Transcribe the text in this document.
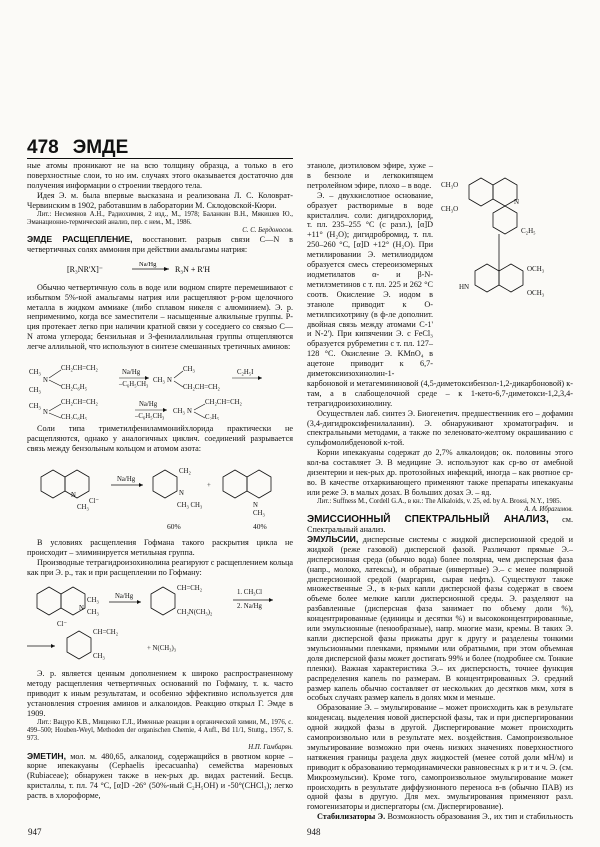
478 ЭМДЕ

ные атомы проникают не на всю толщину образца, а только в его поверхностные слои, то но им. случаях этого оказывается достаточно для получения информации о строении твердого тела.

Идея Э. м. была впервые высказана и реализована Л. С. Коловрат-Червинским в 1902, работавшим в лаборатории М. Склодовской-Кюри.

Лит.: Несмеянов А.Н., Радиохимия, 2 изд., М., 1978; Баланкин В.Н., Мякишев Ю., Эманационно-термический анализ, пер. с нем., М., 1986.

С. С. Бердоносов.

ЭМДЕ РАСЩЕПЛЕНИЕ, восстановит. разрыв связи C—N в четвертичных солях аммония при действии амальгамы натрия:

[R₃NR'X]⁻
Na/Hg
R₃N + R'H

Обычно четвертичную соль в воде или водном спирте перемешивают с избытком 5%-ной амальгамы натрия или расщепляют р-ром щелочного металла в жидком аммиаке (либо сплавом никеля с алюминием). Э. р. неприменимо, когда все заместители – насыщенные алкильные группы. Р-ция протекает легко при наличии кратной связи у соседнего со связью C—N атома углерода; бензильная и 3-фенилаллильная группы отщепляются легче аллильной, что используют в синтезе смешанных третичных аминов:

CH₃
N
CH₂CH=CH₂
CH₂C₆H₅
CH₃
Na/Hg
–C₆H₅CH₃
CH₃ N
CH₃
CH₂CH=CH₂
C₂H₅I
CH₃
N
CH₂CH=CH₂
CH₂C₆H₅
Na/Hg
–C₆H₅CH₃
CH₃ N
CH₂CH=CH₂
C₂H₅

Соли типа триметилфениламмонийхлорида практически не расщепляются, однако у аналогичных циклич. соединений разрывается связь между бензольным кольцом и атомом азота:

N
CH₃
Cl⁻
Na/Hg
CH₂
N
CH₃ CH₃
+
N
CH₃
60%	40%

В условиях расщепления Гофмана такого раскрытия цикла не происходит – элиминируется метильная группа.

Производные тетрагидроизохинолина реагируют с расщеплением кольца как при Э. р., так и при расщеплении по Гофману:

N
CH₃
CH₃
Cl⁻
Na/Hg
CH=CH₂
CH₂N(CH₃)₂
1. CH₃Cl
2. Na/Hg
CH=CH₂
CH₃
+ N(CH₃)₃

Э. р. является ценным дополнением к широко распространенному методу расщепления четвертичных оснований по Гофману, т. к. часто приводит к иным результатам, и особенно эффективно используется для установления строения аминов и алкалоидов. Реакцию открыл Г. Эмде в 1909.

Лит.: Вацуро К.В., Мищенко Г.Л., Именные реакции в органической химии, М., 1976, с. 499–500; Houben-Weyl, Methoden der organischen Chemie, 4 Aufl., Bd 11/1, Stuttg., 1957, S. 973.

Н.П. Гамбарян.

ЭМЕТИН, мол. м. 480,65, алкалоид, содержащийся в рвотном корне – корне ипекакуаны (Cephaelis ipecacuanha) семейства мареновых (Rubiaceae); обнаружен также в нек-рых др. видах растений. Бесцв. кристаллы, т. пл. 74 °С, [α]D -26° (50%-ный C₂H₅OH) и -50°(CHCl₃); легко раств. в хлороформе,

CH₃O
CH₃O
N
C₂H₅
HN
OCH₃
OCH₃

этаноле, диэтиловом эфире, хуже – в бензоле и легкокипящем петролейном эфире, плохо – в воде.

Э. – двухкислотное основание, образует растворимые в воде кристаллич. соли: дигидрохлорид, т. пл. 235–255 °С (с разл.), [α]D +11° (H₂O); дигидробромид, т. пл. 250–260 °С, [α]D +12° (H₂O). При метилировании Э. метилиодидом образуется смесь стереоизомерных иодметилатов α- и β-N-метилэметинов с т. пл. 225 и 262 °С соотв. Окисление Э. иодом в этаноле приводит к О-метилпсихотрину (в ф-ле дополнит. двойная связь между атомами C-1' и N-2'). При кипячении Э. с FeCl₃ образуется рубреметин с т. пл. 127–128 °С. Окисление Э. KMnO₄ в ацетоне приводит к 6,7-диметоксиизохинолин-1-карбоновой и метагемининовой (4,5-диметоксибензол-1,2-дикарбоновой) к-там, а в слабощелочной среде – к 1-кето-6,7-диметокси-1,2,3,4-тетрагидроизохинолину.

Осуществлен лаб. синтез Э. Биогенетич. предшественник его – дофамин (3,4-дигидроксифенилаланин). Э. обнаруживают хроматографич. и спектральными методами, а также по зеленовато-желтому окрашиванию с сульфомолибденовой к-той.

Корни ипекакуаны содержат до 2,7% алкалоидов; ок. половины этого кол-ва составляет Э. В медицине Э. используют как ср-во от амебной дизентерии и нек-рых др. протозойных инфекций, иногда – как рвотное ср-во. В качестве отхаркивающего применяют также препараты ипекакуаны или реже Э. в малых дозах. В больших дозах Э. – яд.

Лит.: Suffness M., Cordell G.A., в кн.: The Alkaloids, v. 25, ed. by A. Brossi, N.Y., 1985.

А. А. Ибрагимов.

ЭМИССИОННЫЙ СПЕКТРАЛЬНЫЙ АНАЛИЗ, см. Спектральный анализ.

ЭМУЛЬСИИ, дисперсные системы с жидкой дисперсионной средой и жидкой (реже газовой) дисперсной фазой. Различают прямые Э.– дисперсионная среда (обычно вода) более полярна, чем дисперсная фаза (напр., молоко, латексы), и обратные (инвертные) Э.– с менее полярной дисперсионной средой (маргарин, сырая нефть). Существуют также множественные Э., в к-рых капли дисперсной фазы содержат в своем объеме более мелкие капли дисперсионной среды. Э. разделяют на разбавленные (дисперсная фаза занимает по объему доли %), концентрированные (единицы и десятки %) и высококонцентрированные, или эмульсионные (пенообразные), напр. многие мази, кремы. В таких Э. капли дисперсной фазы прижаты друг к другу и разделены тонкими эмульсионными пленками, прямыми или обратными, при этом объемная доля дисперсной фазы может достигать 99% и более (подробнее см. Тонкие пленки). Важная характеристика Э.– их дисперсность, точнее функция распределения капель по размерам. В концентрированных Э. средний размер капель обычно составляет от нескольких до десятков мкм, хотя в особых случаях размер капель в долях мкм и меньше.

Образование Э. – эмульгирование – может происходить как в результате конденсац. выделения новой дисперсной фазы, так и при диспергировании одной жидкой фазы в другой. Диспергирование может происходить самопроизвольно или в результате мех. воздействия. Самопроизвольное эмульгирование возможно при очень низких значениях поверхностного натяжения границы раздела двух жидкостей (менее сотой доли мН/м) и приводит к образованию термодинамически равновесных к р и т и ч. Э. (см. Микроэмульсии). Кроме того, самопроизвольное эмульгирование может происходить в результате диффузионного переноса в-в (обычно ПАВ) из одной фазы в другую. Для мех. эмульгирования применяют разл. гомогенизаторы и диспергаторы (см. Диспергирование).

Стабилизаторы Э. Возможность образования Э., их тип и стабильность

947	948
